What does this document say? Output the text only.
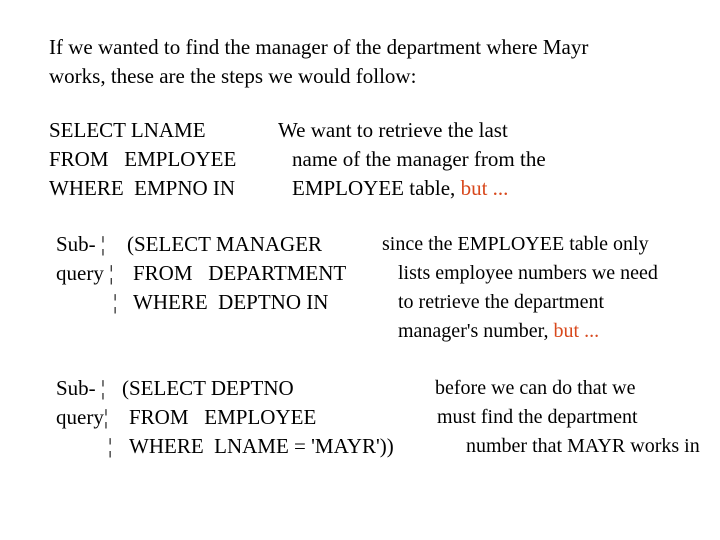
If we wanted to find the manager of the department where Mayr
works, these are the steps we would follow:
SELECT LNAME
FROM   EMPLOYEE
WHERE  EMPNO IN
We want to retrieve the last
name of the manager from the
EMPLOYEE table, but ...
Sub- ¦
query ¦
¦
(SELECT MANAGER
FROM   DEPARTMENT
WHERE  DEPTNO IN
since the EMPLOYEE table only
lists employee numbers we need
to retrieve the department
manager's number, but ...
Sub- ¦
query¦
¦
(SELECT DEPTNO
FROM   EMPLOYEE
WHERE  LNAME = 'MAYR'))
before we can do that we
must find the department
number that MAYR works in
